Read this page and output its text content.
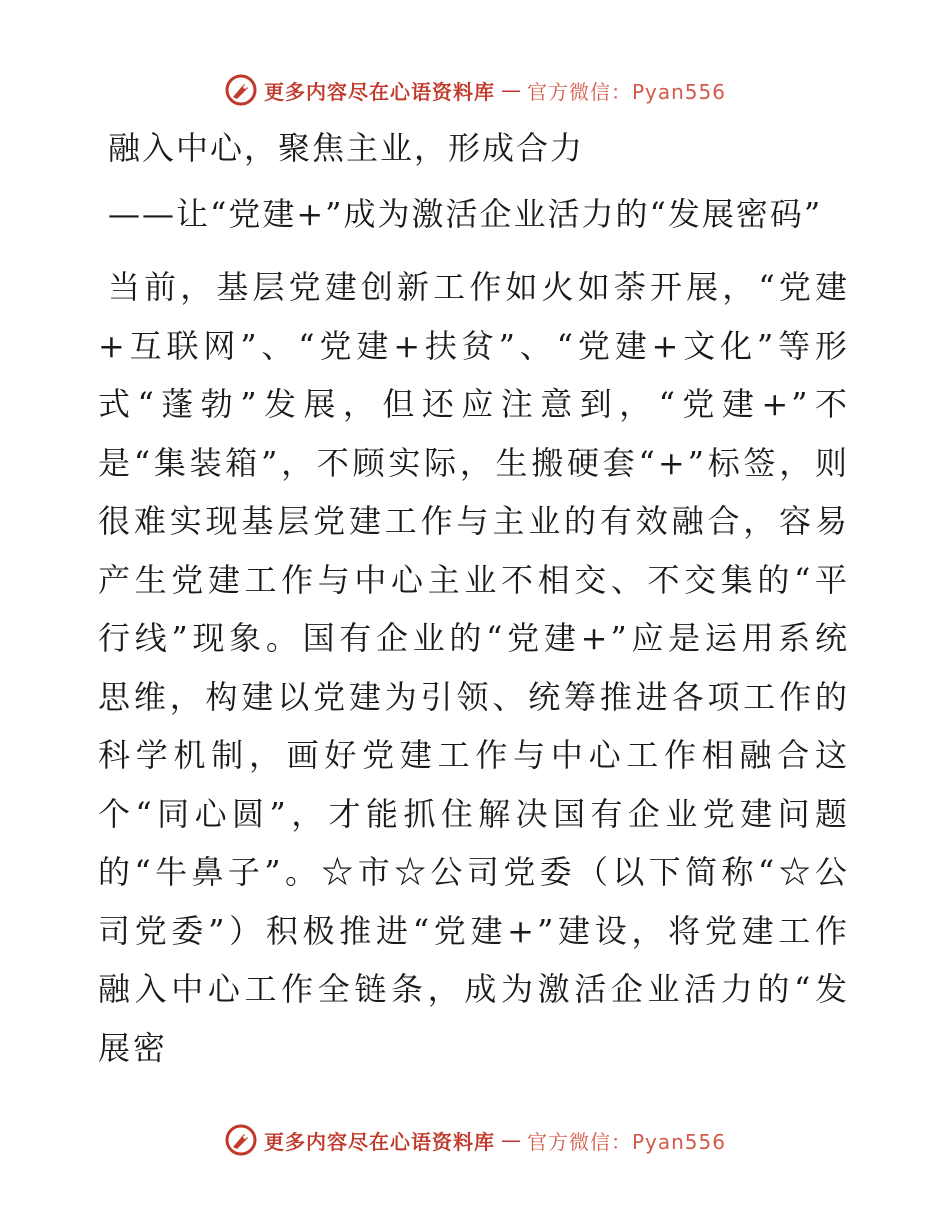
更多内容尽在心语资料库 — 官方微信：Pyan556
融入中心，聚焦主业，形成合力
——让“党建+”成为激活企业活力的“发展密码”

当前，基层党建创新工作如火如荼开展，“党建+互联网”、“党建+扶贫”、“党建+文化”等形式“蓬勃”发展，但还应注意到，“党建+”不是“集装箱”，不顾实际，生搬硬套“+”标签，则很难实现基层党建工作与主业的有效融合，容易产生党建工作与中心主业不相交、不交集的“平行线”现象。国有企业的“党建+”应是运用系统思维，构建以党建为引领、统筹推进各项工作的科学机制，画好党建工作与中心工作相融合这个“同心圆”，才能抓住解决国有企业党建问题的“牛鼻子”。☆市☆公司党委（以下简称“☆公司党委”）积极推进“党建+”建设，将党建工作融入中心工作全链条，成为激活企业活力的“发展密

更多内容尽在心语资料库 — 官方微信：Pyan556
